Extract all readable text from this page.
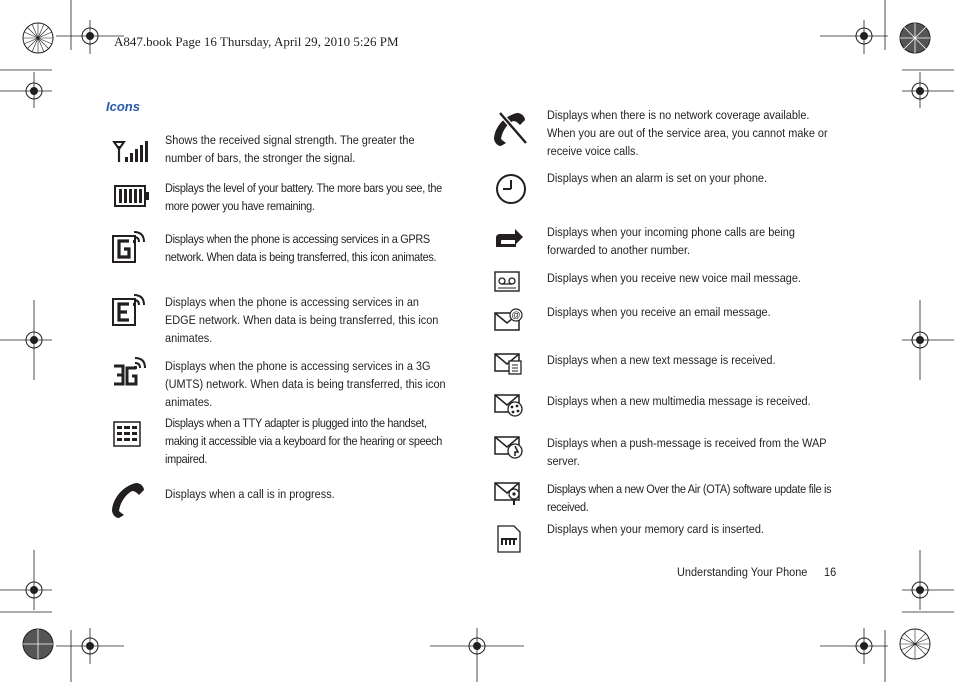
A847.book Page 16 Thursday, April 29, 2010 5:26 PM
Icons
Shows the received signal strength. The greater the number of bars, the stronger the signal.
Displays the level of your battery. The more bars you see, the more power you have remaining.
Displays when the phone is accessing services in a GPRS network. When data is being transferred, this icon animates.
Displays when the phone is accessing services in an EDGE network. When data is being transferred, this icon animates.
Displays when the phone is accessing services in a 3G (UMTS) network. When data is being transferred, this icon animates.
Displays when a TTY adapter is plugged into the handset, making it accessible via a keyboard for the hearing or speech impaired.
Displays when a call is in progress.
Displays when there is no network coverage available. When you are out of the service area, you cannot make or receive voice calls.
Displays when an alarm is set on your phone.
Displays when your incoming phone calls are being forwarded to another number.
Displays when you receive new voice mail message.
@ Displays when you receive an email message.
Displays when a new text message is received.
Displays when a new multimedia message is received.
Displays when a push-message is received from the WAP server.
Displays when a new Over the Air (OTA) software update file is received.
Displays when your memory card is inserted.
Understanding Your Phone 16
